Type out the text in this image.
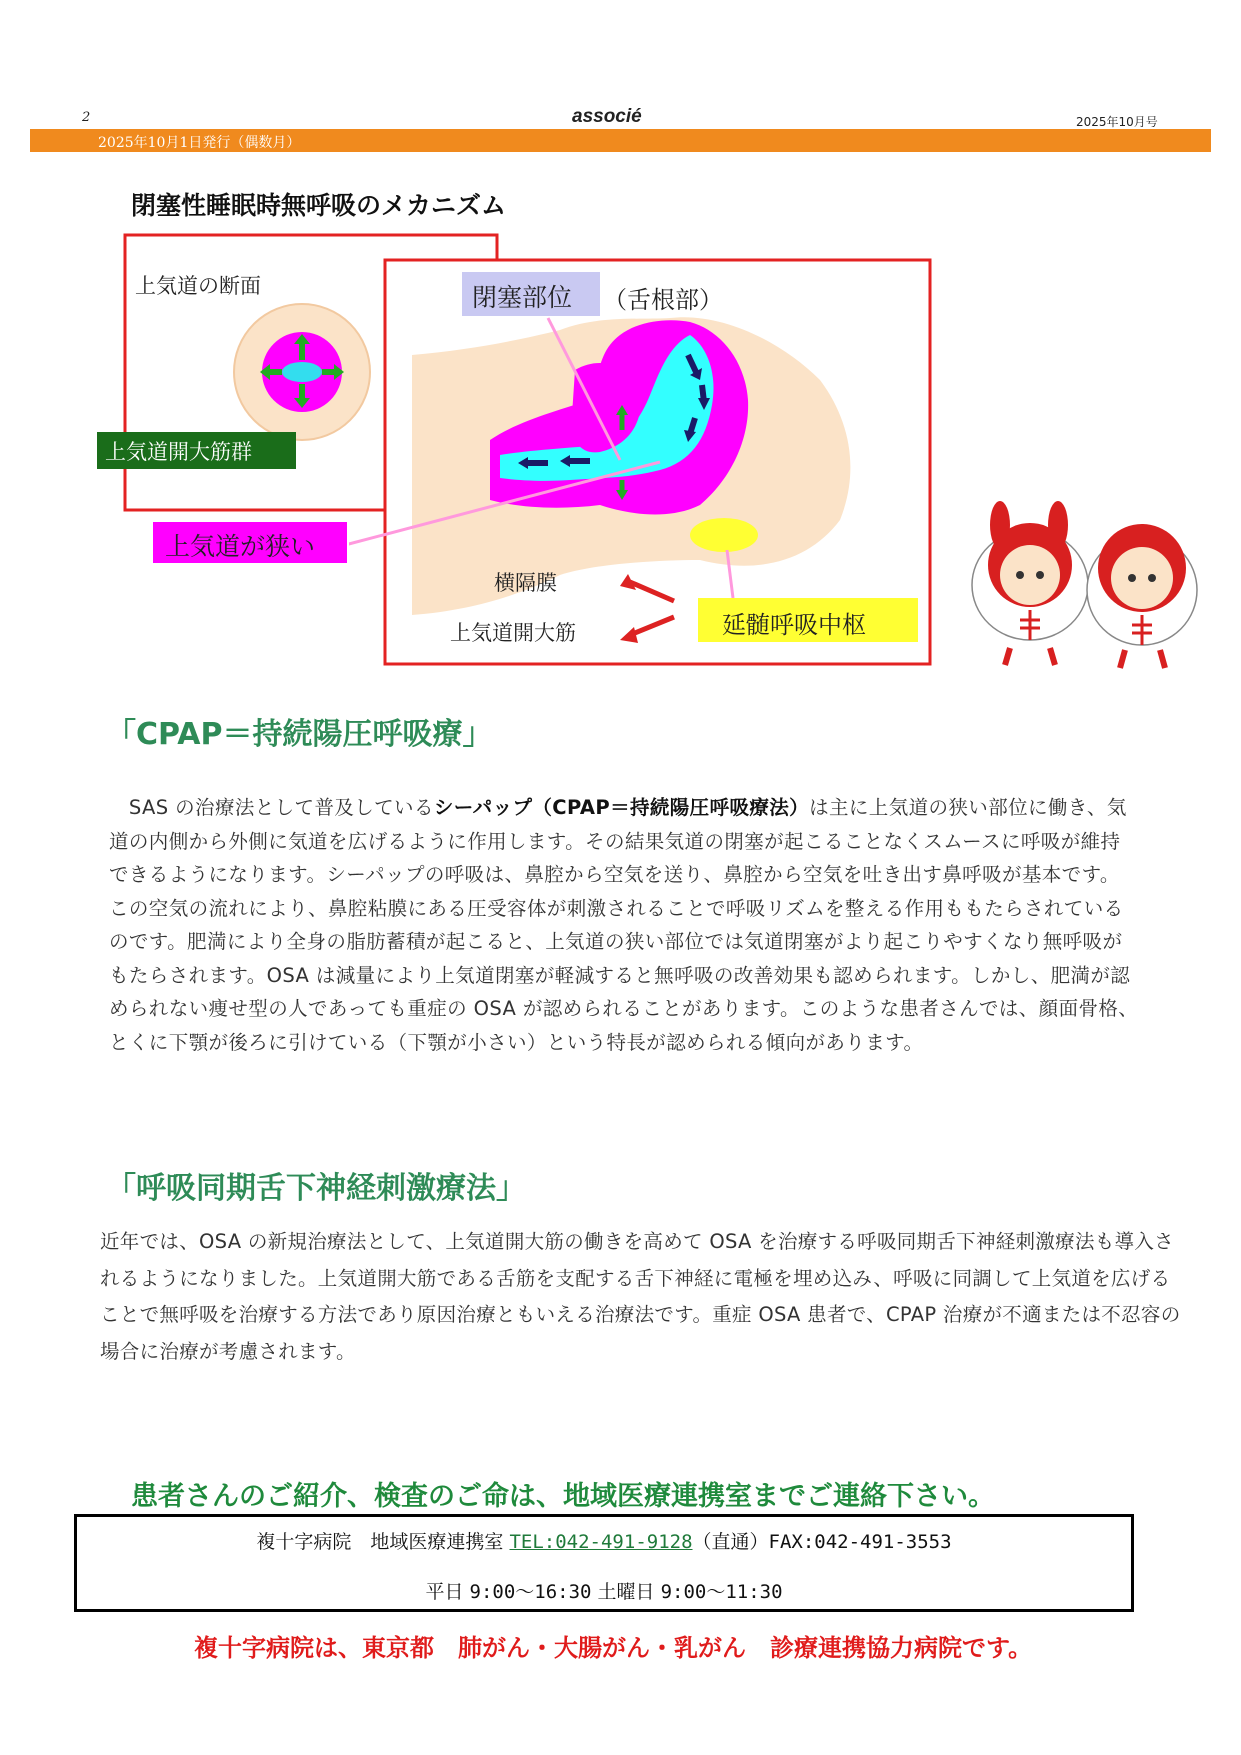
2	associé	2025年10月号
2025年10月1日発行（偶数月）
閉塞性睡眠時無呼吸のメカニズム
上気道の断面
上気道開大筋群
上気道が狭い
閉塞部位 （舌根部）
横隔膜
上気道開大筋	延髄呼吸中枢
「CPAP＝持続陽圧呼吸療」
　SAS の治療法として普及しているシーパップ（CPAP＝持続陽圧呼吸療法）は主に上気道の狭い部位に働き、気道の内側から外側に気道を広げるように作用します。その結果気道の閉塞が起こることなくスムースに呼吸が維持できるようになります。シーパップの呼吸は、鼻腔から空気を送り、鼻腔から空気を吐き出す鼻呼吸が基本です。この空気の流れにより、鼻腔粘膜にある圧受容体が刺激されることで呼吸リズムを整える作用ももたらされているのです。肥満により全身の脂肪蓄積が起こると、上気道の狭い部位では気道閉塞がより起こりやすくなり無呼吸がもたらされます。OSA は減量により上気道閉塞が軽減すると無呼吸の改善効果も認められます。しかし、肥満が認められない痩せ型の人であっても重症の OSA が認められることがあります。このような患者さんでは、顔面骨格、とくに下顎が後ろに引けている（下顎が小さい）という特長が認められる傾向があります。
「呼吸同期舌下神経刺激療法」
近年では、OSA の新規治療法として、上気道開大筋の働きを高めて OSA を治療する呼吸同期舌下神経刺激療法も導入されるようになりました。上気道開大筋である舌筋を支配する舌下神経に電極を埋め込み、呼吸に同調して上気道を広げることで無呼吸を治療する方法であり原因治療ともいえる治療法です。重症 OSA 患者で、CPAP 治療が不適または不忍容の場合に治療が考慮されます。
患者さんのご紹介、検査のご命は、地域医療連携室までご連絡下さい。
複十字病院　地域医療連携室 TEL:042-491-9128（直通）FAX:042-491-3553
平日 9:00～16:30 土曜日 9:00～11:30
複十字病院は、東京都　肺がん・大腸がん・乳がん　診療連携協力病院です。
